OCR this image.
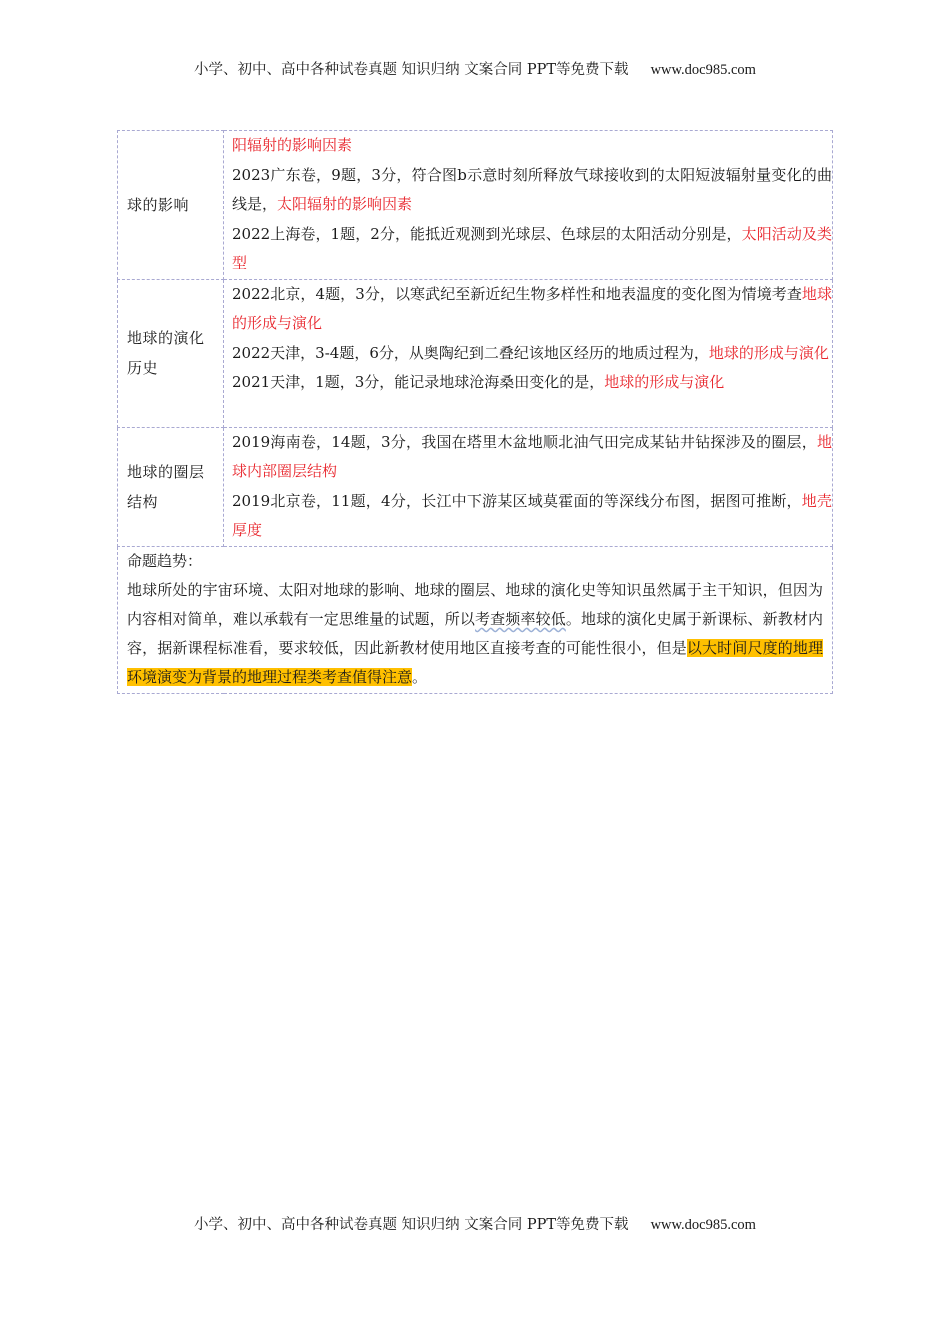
小学、初中、高中各种试卷真题 知识归纳 文案合同 PPT等免费下载 www.doc985.com
球的影响	阳辐射的影响因素

2023广东卷，9题，3分，符合图b示意时刻所释放气球接收到的太阳短波辐射量变化的曲线是，太阳辐射的影响因素

2022上海卷，1题，2分，能抵近观测到光球层、色球层的太阳活动分别是，太阳活动及类型

地球的演化历史	2022北京，4题，3分，以寒武纪至新近纪生物多样性和地表温度的变化图为情境考查地球的形成与演化

2022天津，3-4题，6分，从奥陶纪到二叠纪该地区经历的地质过程为，地球的形成与演化

2021天津，1题，3分，能记录地球沧海桑田变化的是，地球的形成与演化

地球的圈层结构	2019海南卷，14题，3分，我国在塔里木盆地顺北油气田完成某钻井钻探涉及的圈层，地球内部圈层结构

2019北京卷，11题，4分，长江中下游某区域莫霍面的等深线分布图，据图可推断，地壳厚度

命题趋势：

地球所处的宇宙环境、太阳对地球的影响、地球的圈层、地球的演化史等知识虽然属于主干知识，但因为内容相对简单，难以承载有一定思维量的试题，所以考查频率较低。地球的演化史属于新课标、新教材内容，据新课程标准看，要求较低，因此新教材使用地区直接考查的可能性很小，但是以大时间尺度的地理环境演变为背景的地理过程类考查值得注意。	

小学、初中、高中各种试卷真题 知识归纳 文案合同 PPT等免费下载 www.doc985.com
